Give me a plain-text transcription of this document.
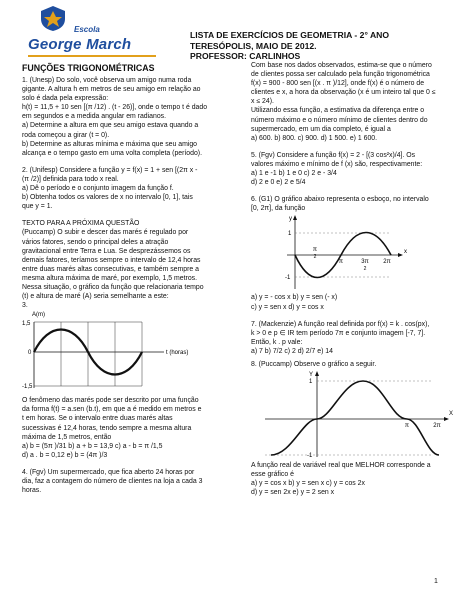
Escola
George March
LISTA DE EXERCÍCIOS DE GEOMETRIA - 2° ANO
TERESÓPOLIS, MAIO DE 2012.
PROFESSOR: CARLINHOS

FUNÇÕES TRIGONOMÉTRICAS

1. (Unesp) Do solo, você observa um amigo numa roda

gigante. A altura h em metros de seu amigo em relação ao

solo é dada pela expressão:

h(t) = 11,5 + 10 sen [(π /12) . (t - 26)], onde o tempo t é dado

em segundos e a medida angular em radianos.

a) Determine a altura em que seu amigo estava quando a

roda começou a girar (t = 0).

b) Determine as alturas mínima e máxima que seu amigo

alcança e o tempo gasto em uma volta completa (período).

2. (Unifesp) Considere a função y = f(x) = 1 + sen [(2π x -

(π /2)] definida para todo x real.

a) Dê o período e o conjunto imagem da função f.

b) Obtenha todos os valores de x no intervalo [0, 1], tais

que y = 1.

TEXTO PARA A PRÓXIMA QUESTÃO

(Puccamp) O subir e descer das marés é regulado por

vários fatores, sendo o principal deles a atração

gravitacional entre Terra e Lua. Se desprezássemos os

demais fatores, teríamos sempre o intervalo de 12,4 horas

entre duas marés altas consecutivas, e também sempre a

mesma altura máxima de maré, por exemplo, 1,5 metros.

Nessa situação, o gráfico da função que relacionaria tempo

(t) e altura de maré (A) seria semelhante a este:

3.

A(m)
1,5
0
-1,5
t (horas)

O fenômeno das marés pode ser descrito por uma função

da forma f(t) = a.sen (b.t), em que a é medido em metros e

t em horas. Se o intervalo entre duas marés altas

sucessivas é 12,4 horas, tendo sempre a mesma altura

máxima de 1,5 metros, então

a) b = (5π )/31 b) a + b = 13,9 c) a - b = π /1,5

d) a . b = 0,12 e) b = (4π )/3

4. (Fgv) Um supermercado, que fica aberto 24 horas por

dia, faz a contagem do número de clientes na loja a cada 3

horas.

Com base nos dados observados, estima-se que o número

de clientes possa ser calculado pela função trigonométrica

f(x) = 900 - 800 sen [(x . π )/12], onde f(x) é o número de

clientes e x, a hora da observação (x é um inteiro tal que 0 ≤

x ≤ 24).

Utilizando essa função, a estimativa da diferença entre o

número máximo e o número mínimo de clientes dentro do

supermercado, em um dia completo, é igual a

a) 600. b) 800. c) 900. d) 1 500. e) 1 600.

5. (Fgv) Considere a função f(x) = 2 - [(3 cos²x)/4]. Os

valores máximo e mínimo de f (x) são, respectivamente:

a) 1 e -1 b) 1 e 0 c) 2 e - 3/4

d) 2 e 0 e) 2 e 5/4

6. (G1) O gráfico abaixo representa o esboço, no intervalo

[0, 2π], da função

y
x
1
-1
π
2
π	3π
2
2π

a) y = - cos x b) y = sen (- x)

c) y = sen x d) y = cos x

7. (Mackenzie) A função real definida por f(x) = k . cos(px),

k > 0 e p ∈ IR tem período 7π e conjunto imagem [-7, 7].

Então, k . p vale:

a) 7 b) 7/2 c) 2 d) 2/7 e) 14

8. (Puccamp) Observe o gráfico a seguir.

Y
X
1
-1
π	2π

A função real de variável real que MELHOR corresponde a

esse gráfico é

a) y = cos x b) y = sen x c) y = cos 2x

d) y = sen 2x e) y = 2 sen x

1
